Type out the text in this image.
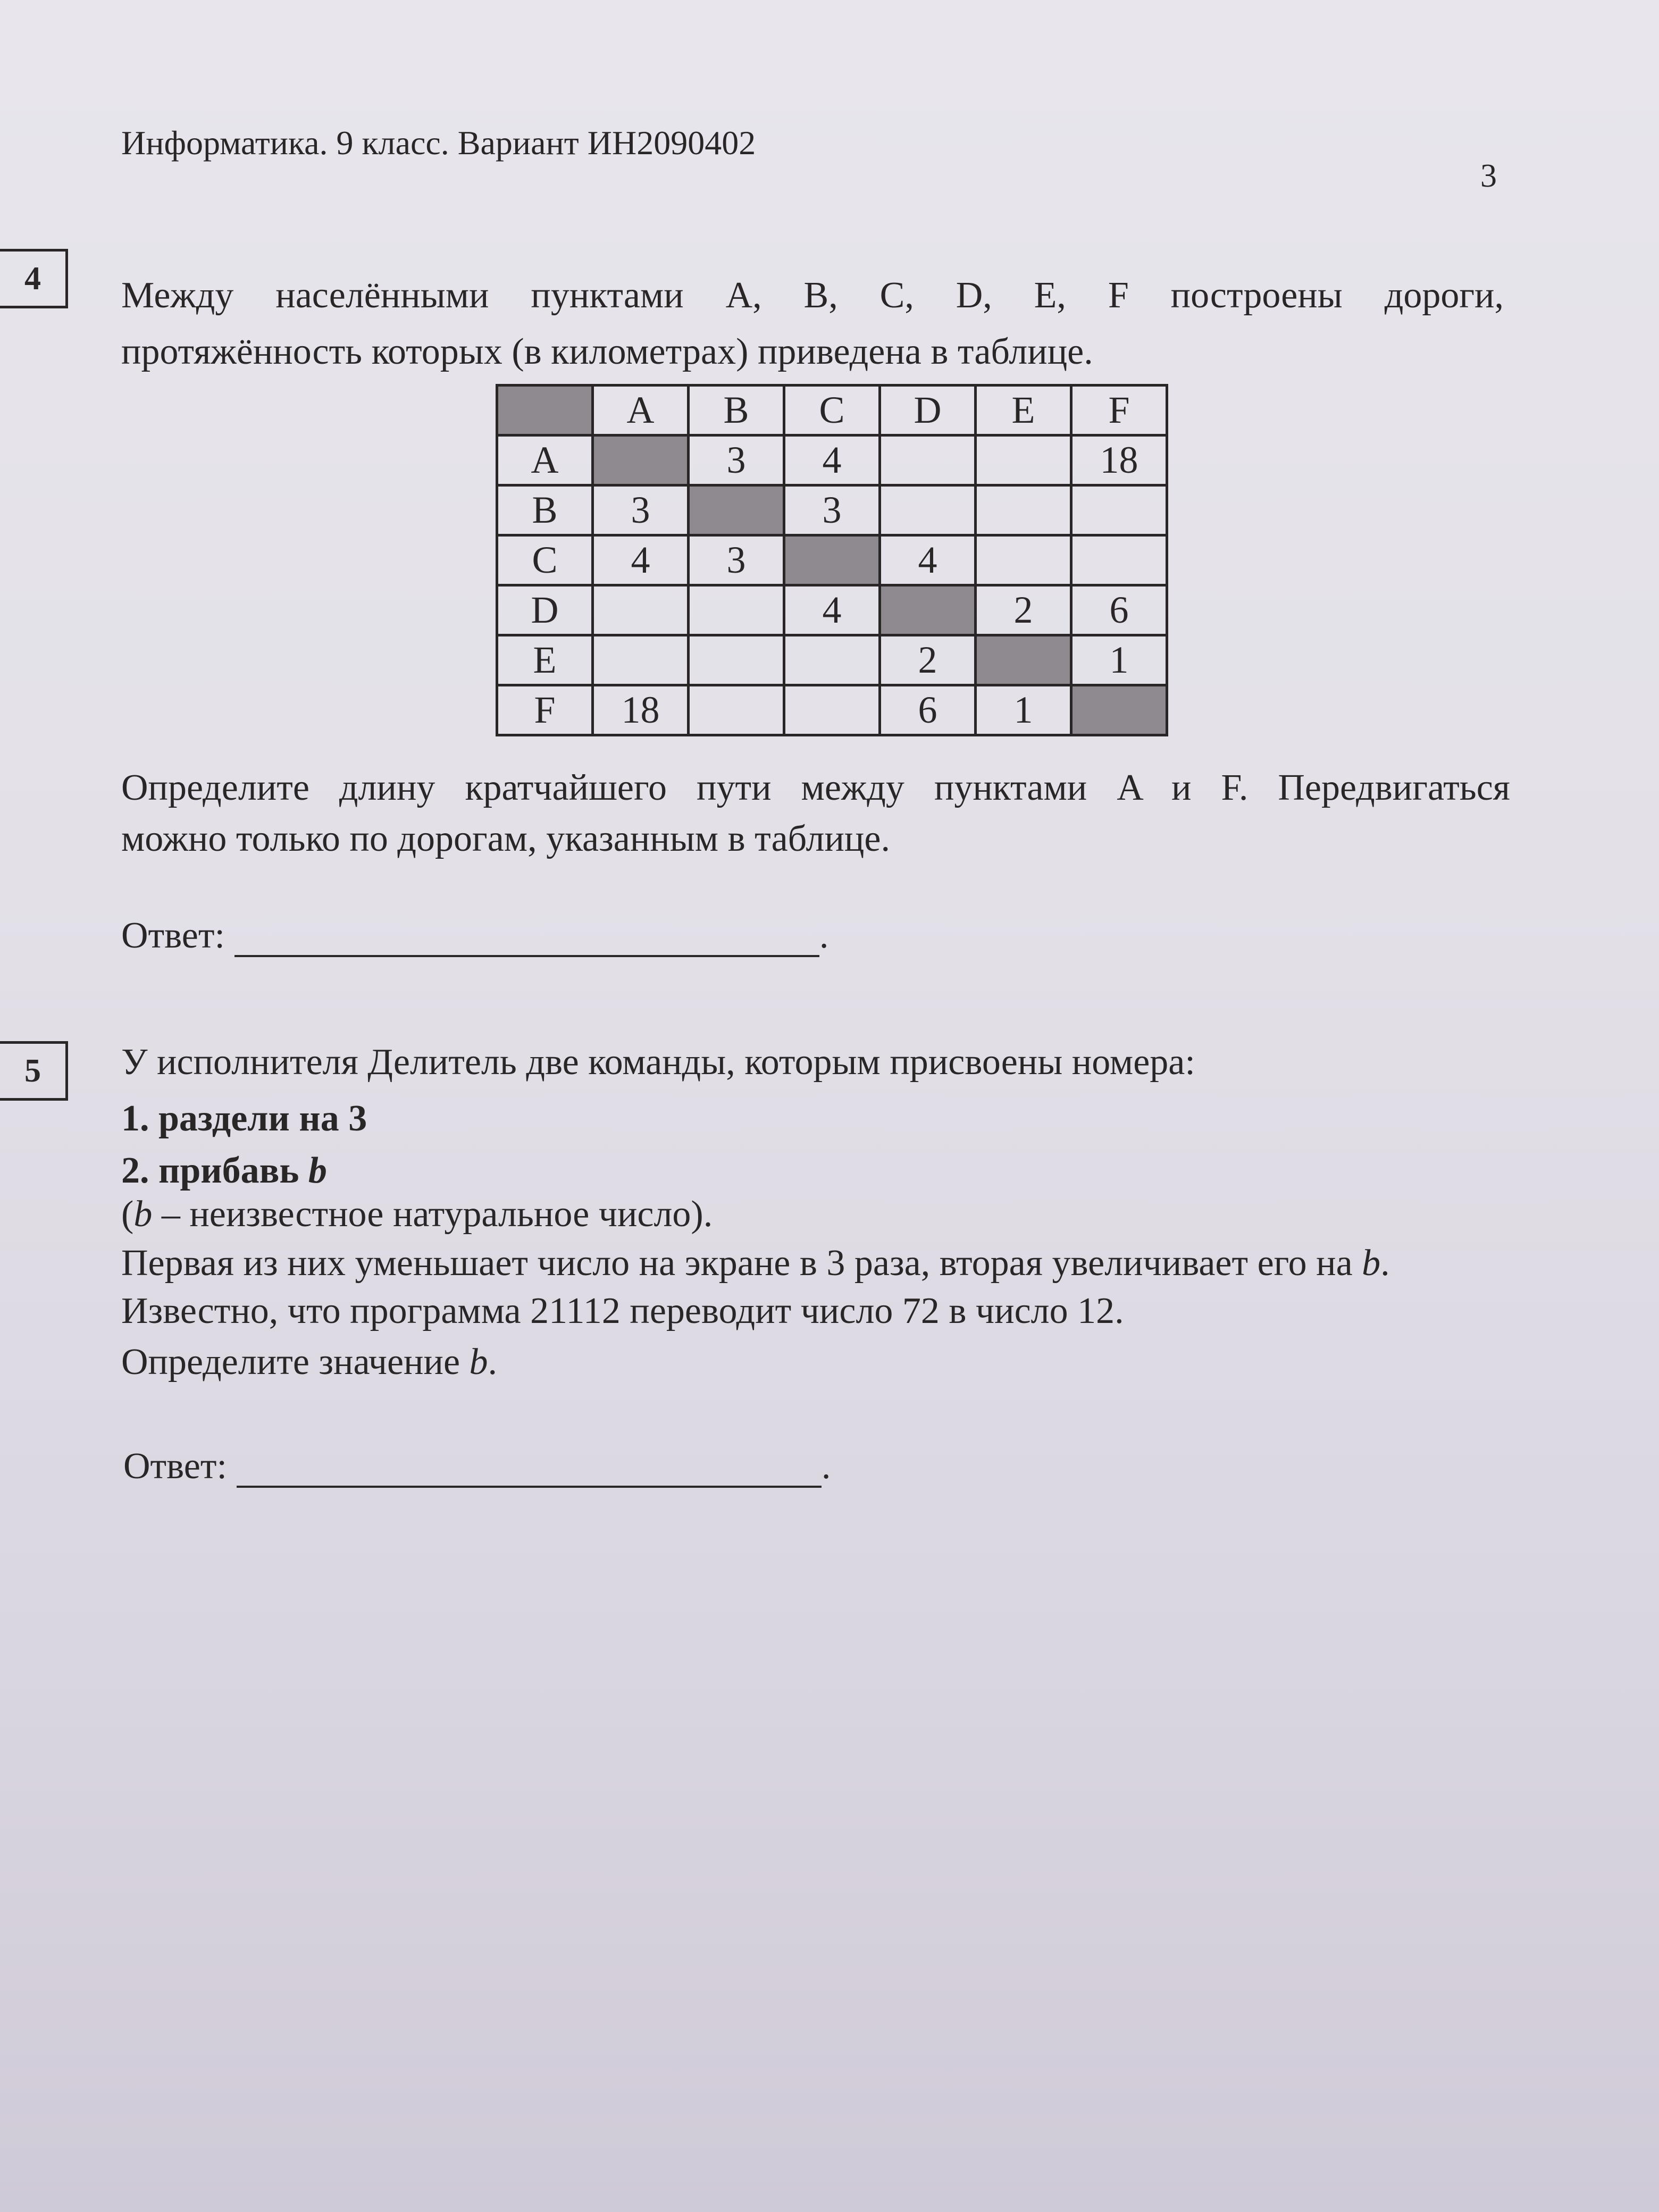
Информатика. 9 класс. Вариант ИН2090402
3
4	Между населёнными пунктами A, B, C, D, E, F построены дороги,
протяжённость которых (в километрах) приведена в таблице.
	A	B	C	D	E	F
A		3	4			18
B	3		3			
C	4	3		4		
D			4		2	6
E				2		1
F	18			6	1	
Определите длину кратчайшего пути между пунктами A и F. Передвигаться
можно только по дорогам, указанным в таблице.
Ответ:	.
5	У исполнителя Делитель две команды, которым присвоены номера:
1. раздели на 3
2. прибавь b
(b – неизвестное натуральное число).
Первая из них уменьшает число на экране в 3 раза, вторая увеличивает его на b.
Известно, что программа 21112 переводит число 72 в число 12.
Определите значение b.
Ответ:	.
